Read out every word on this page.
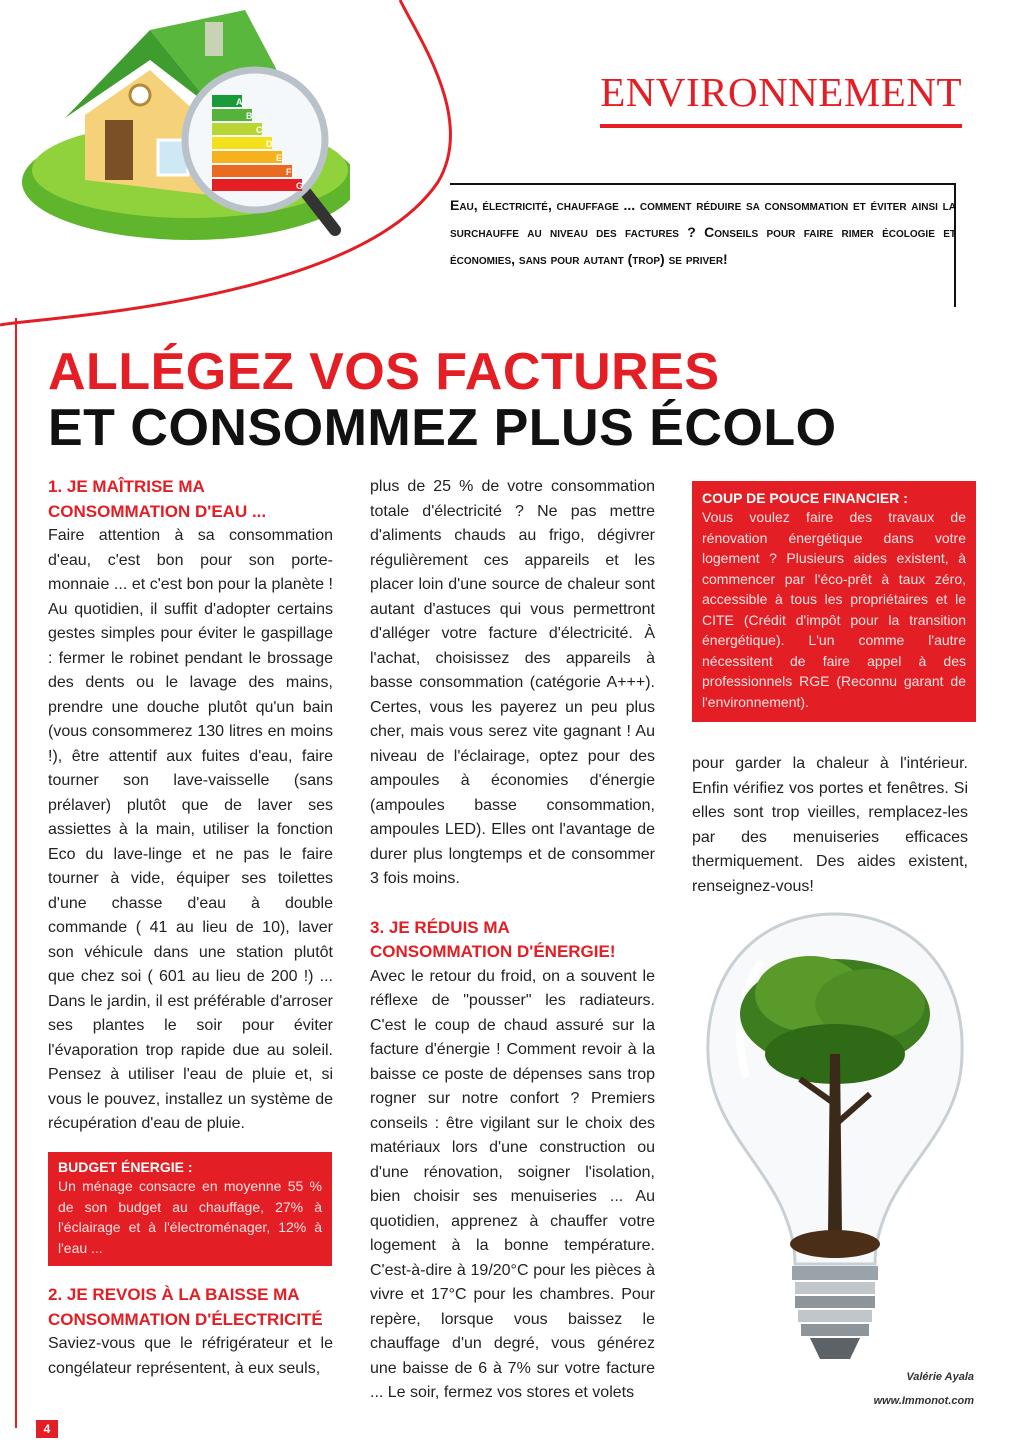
A
B
C
D
E
F
G
ENVIRONNEMENT

Eau, électricité, chauffage ... comment réduire sa consommation et éviter ainsi la surchauffe au niveau des factures ? Conseils pour faire rimer écologie et économies, sans pour autant (trop) se priver!

ALLÉGEZ VOS FACTURES
ET CONSOMMEZ PLUS ÉCOLO
1. JE MAÎTRISE MA CONSOMMATION D'EAU ...

Faire attention à sa consommation d'eau, c'est bon pour son porte-monnaie ... et c'est bon pour la planète ! Au quotidien, il suffit d'adopter certains gestes simples pour éviter le gaspillage : fermer le robinet pendant le brossage des dents ou le lavage des mains, prendre une douche plutôt qu'un bain (vous consommerez 130 litres en moins !), être attentif aux fuites d'eau, faire tourner son lave-vaisselle (sans prélaver) plutôt que de laver ses assiettes à la main, utiliser la fonction Eco du lave-linge et ne pas le faire tourner à vide, équiper ses toilettes d'une chasse d'eau à double commande ( 41 au lieu de 10), laver son véhicule dans une station plutôt que chez soi ( 601 au lieu de 200 !) ... Dans le jardin, il est préférable d'arroser ses plantes le soir pour éviter l'évaporation trop rapide due au soleil. Pensez à utiliser l'eau de pluie et, si vous le pouvez, installez un système de récupération d'eau de pluie.

BUDGET ÉNERGIE :
Un ménage consacre en moyenne 55 % de son budget au chauffage, 27% à l'éclairage et à l'électroménager, 12% à l'eau ...
2. JE REVOIS À LA BAISSE MA CONSOMMATION D'ÉLECTRICITÉ

Saviez-vous que le réfrigérateur et le congélateur représentent, à eux seuls,

plus de 25 % de votre consommation totale d'électricité ? Ne pas mettre d'aliments chauds au frigo, dégivrer régulièrement ces appareils et les placer loin d'une source de chaleur sont autant d'astuces qui vous permettront d'alléger votre facture d'électricité. À l'achat, choisissez des appareils à basse consommation (catégorie A+++). Certes, vous les payerez un peu plus cher, mais vous serez vite gagnant ! Au niveau de l'éclairage, optez pour des ampoules à économies d'énergie (ampoules basse consommation, ampoules LED). Elles ont l'avantage de durer plus longtemps et de consommer 3 fois moins.

3. JE RÉDUIS MA CONSOMMATION D'ÉNERGIE!

Avec le retour du froid, on a souvent le réflexe de "pousser" les radiateurs. C'est le coup de chaud assuré sur la facture d'énergie ! Comment revoir à la baisse ce poste de dépenses sans trop rogner sur notre confort ? Premiers conseils : être vigilant sur le choix des matériaux lors d'une construction ou d'une rénovation, soigner l'isolation, bien choisir ses menuiseries ... Au quotidien, apprenez à chauffer votre logement à la bonne température. C'est-à-dire à 19/20°C pour les pièces à vivre et 17°C pour les chambres. Pour repère, lorsque vous baissez le chauffage d'un degré, vous générez une baisse de 6 à 7% sur votre facture ... Le soir, fermez vos stores et volets

COUP DE POUCE FINANCIER :
Vous voulez faire des travaux de rénovation énergétique dans votre logement ? Plusieurs aides existent, à commencer par l'éco-prêt à taux zéro, accessible à tous les propriétaires et le CITE (Crédit d'impôt pour la transition énergétique). L'un comme l'autre nécessitent de faire appel à des professionnels RGE (Reconnu garant de l'environnement).

pour garder la chaleur à l'intérieur. Enfin vérifiez vos portes et fenêtres. Si elles sont trop vieilles, remplacez-les par des menuiseries efficaces thermiquement. Des aides existent, renseignez-vous!

Valérie Ayala
www.Immonot.com
4
